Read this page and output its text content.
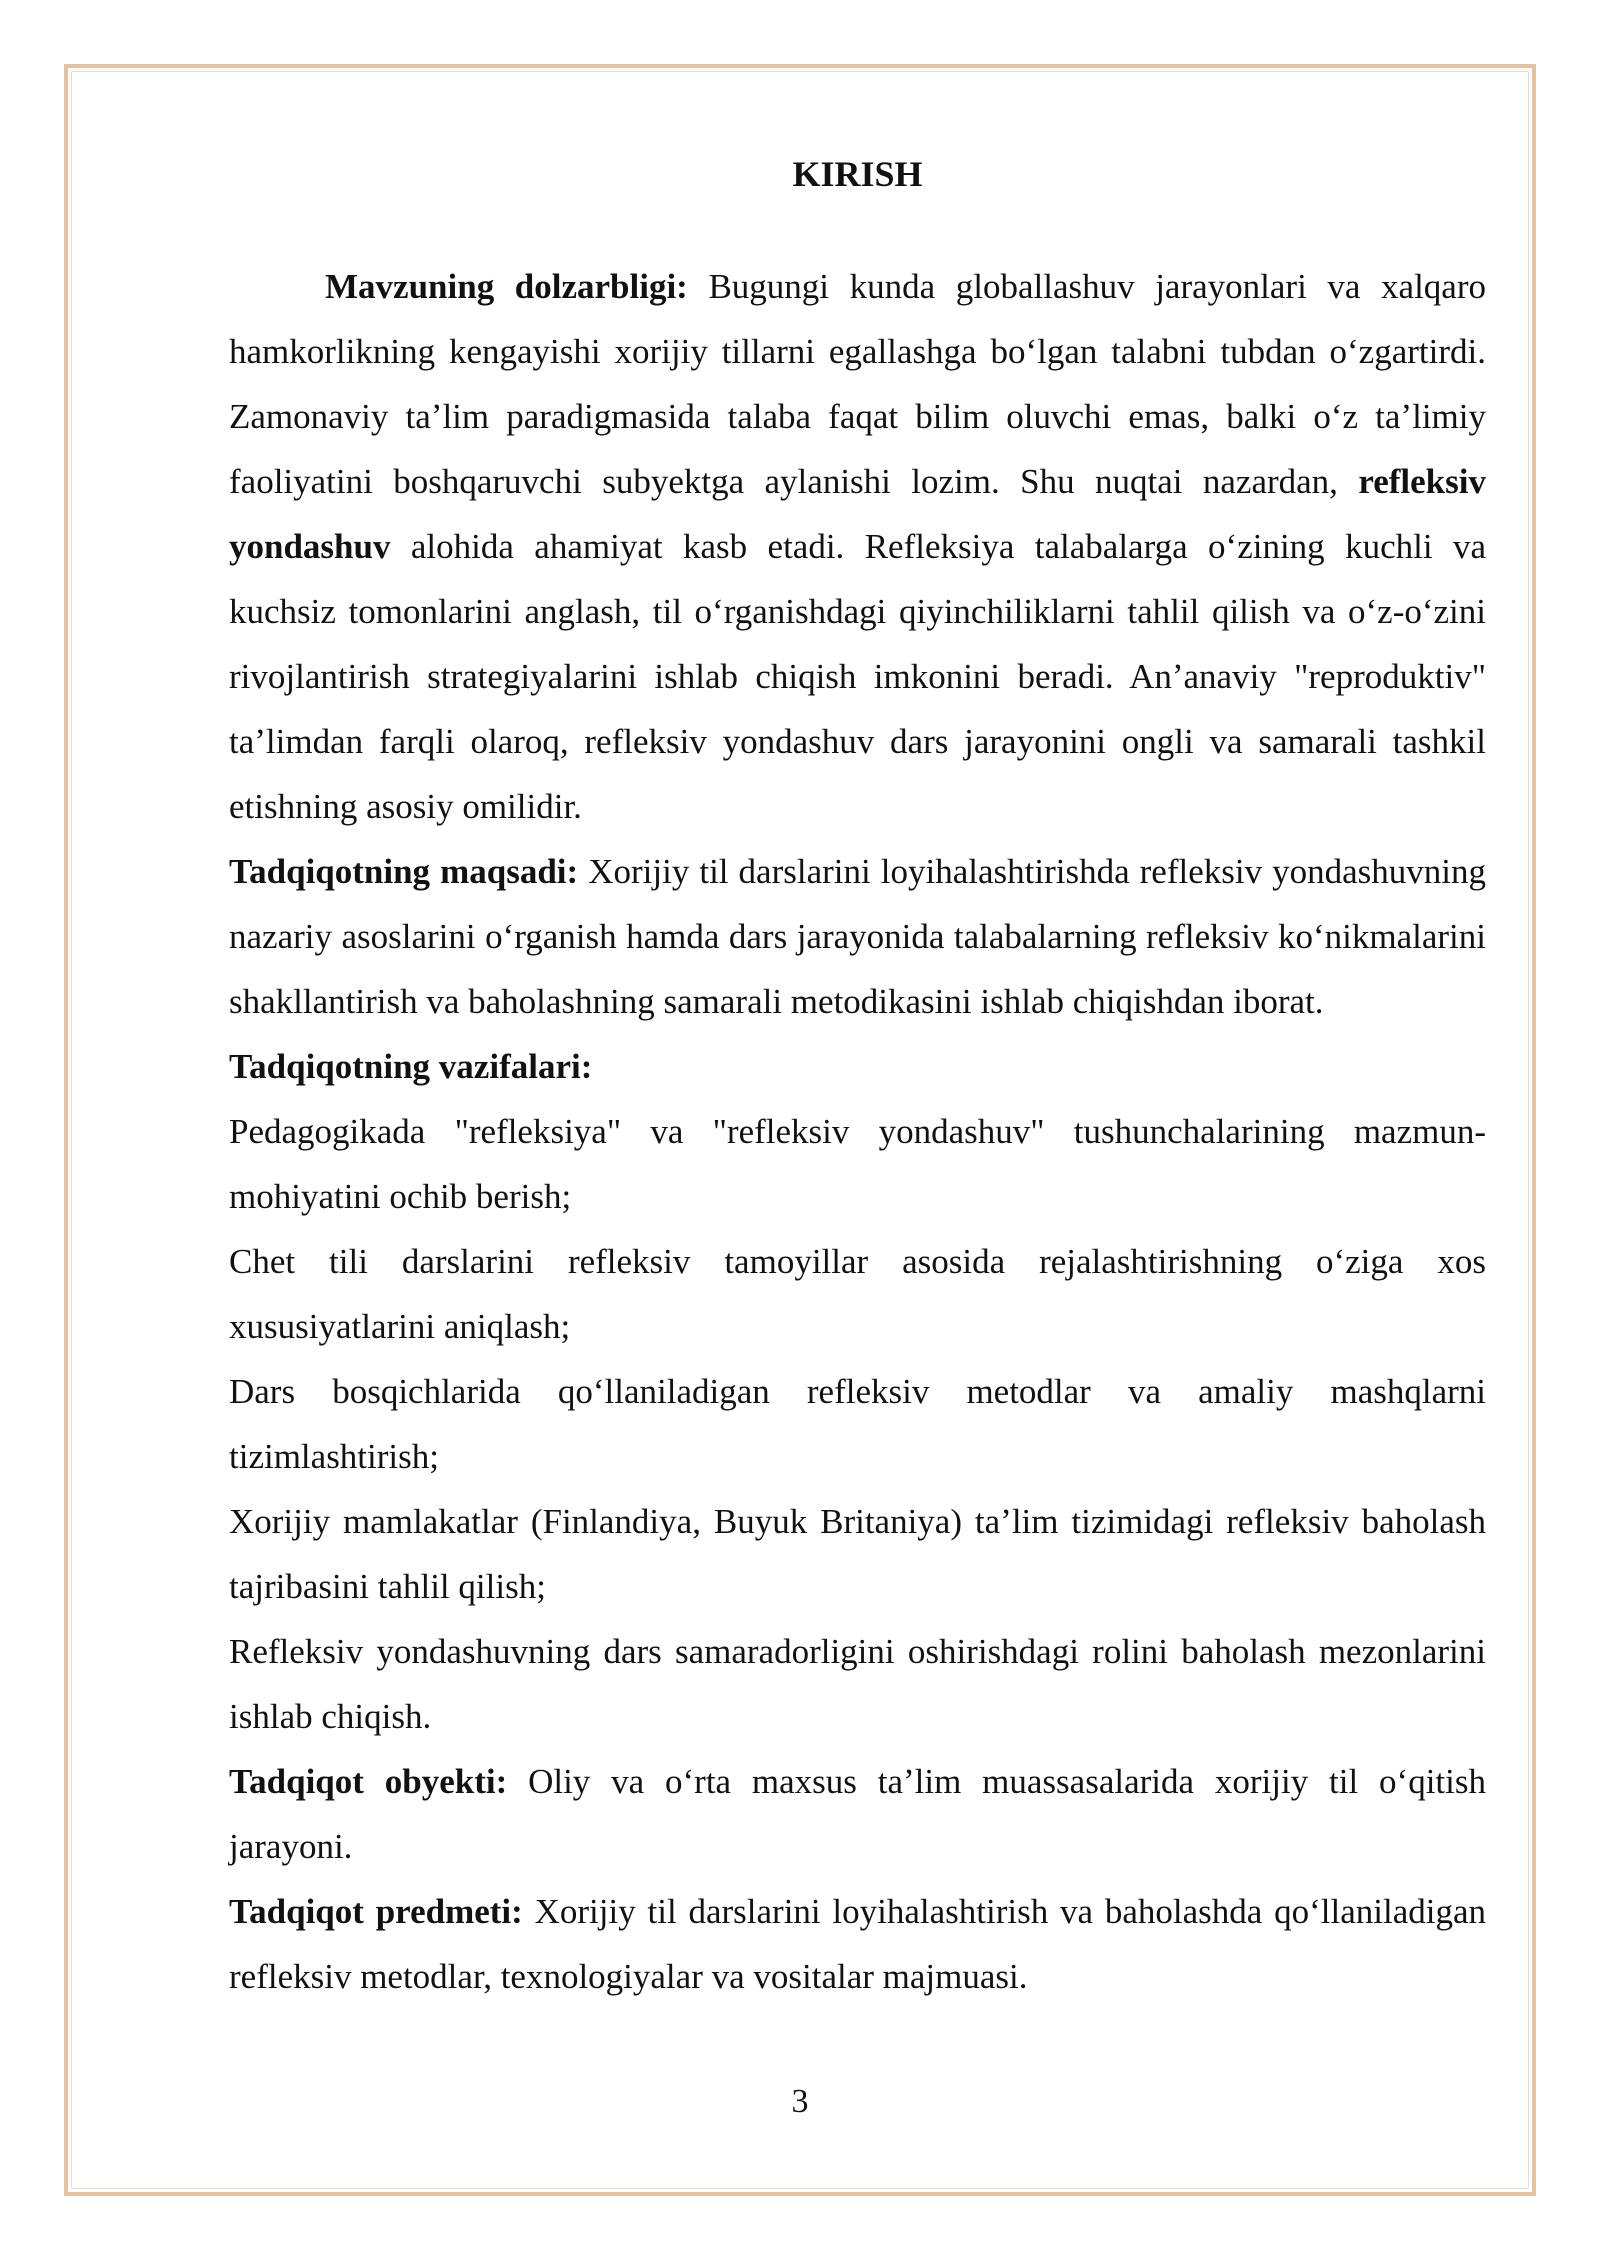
KIRISH

Mavzuning dolzarbligi: Bugungi kunda globallashuv jarayonlari va xalqaro hamkorlikning kengayishi xorijiy tillarni egallashga boʻlgan talabni tubdan oʻzgartirdi. Zamonaviy taʼlim paradigmasida talaba faqat bilim oluvchi emas, balki oʻz taʼlimiy faoliyatini boshqaruvchi subyektga aylanishi lozim. Shu nuqtai nazardan, refleksiv yondashuv alohida ahamiyat kasb etadi. Refleksiya talabalarga oʻzining kuchli va kuchsiz tomonlarini anglash, til oʻrganishdagi qiyinchiliklarni tahlil qilish va oʻz-oʻzini rivojlantirish strategiyalarini ishlab chiqish imkonini beradi. Anʼanaviy "reproduktiv" taʼlimdan farqli olaroq, refleksiv yondashuv dars jarayonini ongli va samarali tashkil etishning asosiy omilidir.

Tadqiqotning maqsadi: Xorijiy til darslarini loyihalashtirishda refleksiv yondashuvning nazariy asoslarini oʻrganish hamda dars jarayonida talabalarning refleksiv koʻnikmalarini shakllantirish va baholashning samarali metodikasini ishlab chiqishdan iborat.

Tadqiqotning vazifalari:

Pedagogikada "refleksiya" va "refleksiv yondashuv" tushunchalarining mazmun-mohiyatini ochib berish;

Chet tili darslarini refleksiv tamoyillar asosida rejalashtirishning oʻziga xos xususiyatlarini aniqlash;

Dars bosqichlarida qoʻllaniladigan refleksiv metodlar va amaliy mashqlarni tizimlashtirish;

Xorijiy mamlakatlar (Finlandiya, Buyuk Britaniya) taʼlim tizimidagi refleksiv baholash tajribasini tahlil qilish;

Refleksiv yondashuvning dars samaradorligini oshirishdagi rolini baholash mezonlarini ishlab chiqish.

Tadqiqot obyekti: Oliy va oʻrta maxsus taʼlim muassasalarida xorijiy til oʻqitish jarayoni.

Tadqiqot predmeti: Xorijiy til darslarini loyihalashtirish va baholashda qoʻllaniladigan refleksiv metodlar, texnologiyalar va vositalar majmuasi.

3
